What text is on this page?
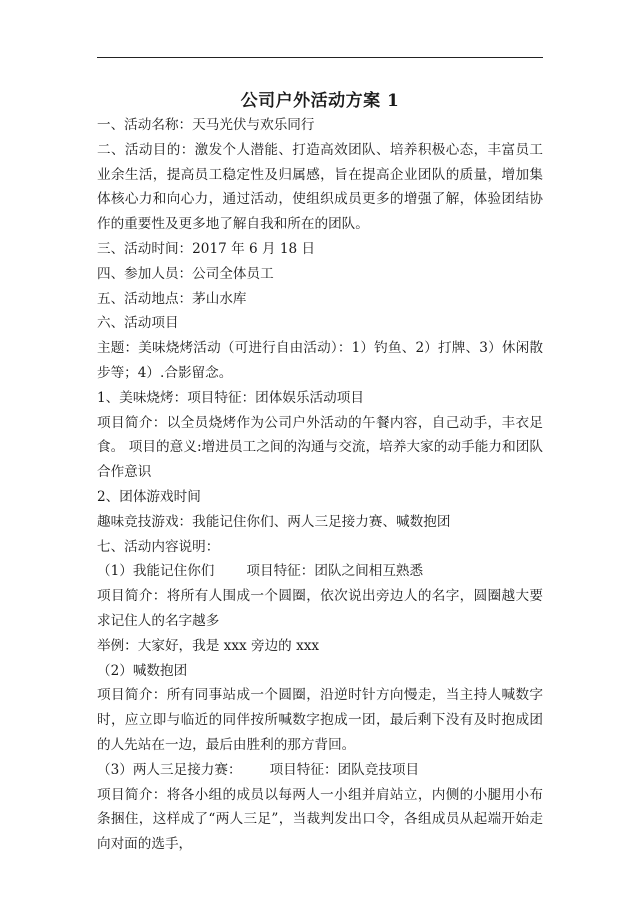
公司户外活动方案 1

一、活动名称：天马光伏与欢乐同行

二、活动目的：激发个人潜能、打造高效团队、培养积极心态，丰富员工业余生活，提高员工稳定性及归属感，旨在提高企业团队的质量，增加集体核心力和向心力，通过活动，使组织成员更多的增强了解，体验团结协作的重要性及更多地了解自我和所在的团队。

三、活动时间：2017 年 6 月 18 日

四、参加人员：公司全体员工

五、活动地点：茅山水库

六、活动项目

主题：美味烧烤活动（可进行自由活动）：1）钓鱼、2）打牌、3）休闲散步等；4）.合影留念。

1、美味烧烤：项目特征：团体娱乐活动项目

项目简介：以全员烧烤作为公司户外活动的午餐内容，自己动手，丰衣足食。 项目的意义:增进员工之间的沟通与交流，培养大家的动手能力和团队合作意识

2、团体游戏时间

趣味竞技游戏：我能记住你们、两人三足接力赛、喊数抱团

七、活动内容说明：

（1）我能记住你们 项目特征：团队之间相互熟悉

项目简介：将所有人围成一个圆圈，依次说出旁边人的名字，圆圈越大要求记住人的名字越多

举例：大家好，我是 xxx 旁边的 xxx

（2）喊数抱团

项目简介：所有同事站成一个圆圈，沿逆时针方向慢走，当主持人喊数字时，应立即与临近的同伴按所喊数字抱成一团，最后剩下没有及时抱成团的人先站在一边，最后由胜利的那方背回。

（3）两人三足接力赛： 项目特征：团队竞技项目

项目简介：将各小组的成员以每两人一小组并肩站立，内侧的小腿用小布条捆住，这样成了“两人三足”，当裁判发出口令，各组成员从起端开始走向对面的选手，
